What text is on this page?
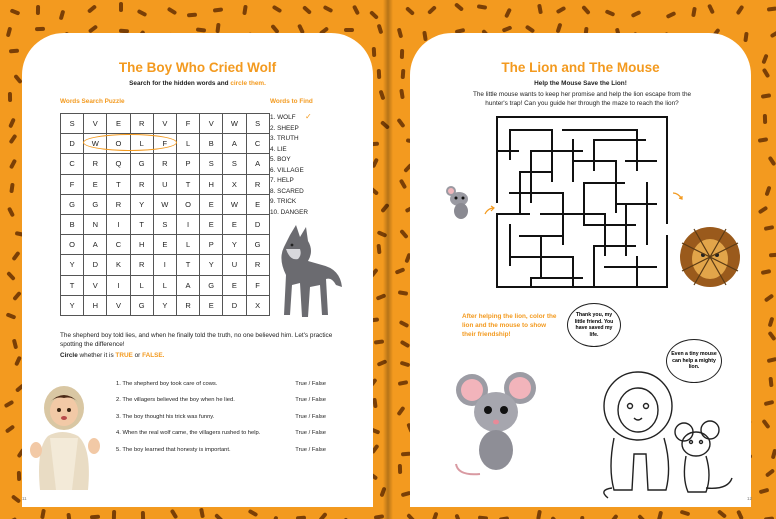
The Boy Who Cried Wolf
Search for the hidden words and circle them.
Words Search Puzzle	Words to Find
S	V	E	R	V	F	V	W	S
D	W	O	L	F	L	B	A	C
C	R	Q	G	R	P	S	S	A
F	E	T	R	U	T	H	X	R
G	G	R	Y	W	O	E	W	E
B	N	I	T	S	I	E	E	D
O	A	C	H	E	L	P	Y	G
Y	D	K	R	I	T	Y	U	R
T	V	I	L	L	A	G	E	F
Y	H	V	G	Y	R	E	D	X
1. WOLF
2. SHEEP
3. TRUTH
4. LIE
5. BOY
6. VILLAGE
7. HELP
8. SCARED
9. TRICK
10. DANGER
✓
The shepherd boy told lies, and when he finally told the truth, no one believed him. Let's practice spotting the difference!
Circle whether it is TRUE or FALSE.
1. The shepherd boy took care of cows.	True / False
2. The villagers believed the boy when he lied.	True / False
3. The boy thought his trick was funny.	True / False
4. When the real wolf came, the villagers rushed to help.	True / False
5. The boy learned that honesty is important.	True / False
11
The Lion and The Mouse
Help the Mouse Save the Lion!
The little mouse wants to keep her promise and help the lion escape from the hunter's trap! Can you guide her through the maze to reach the lion?
After helping the lion, color the lion and the mouse to show their friendship!
Thank you, my little friend. You have saved my life.
Even a tiny mouse can help a mighty lion.
12
